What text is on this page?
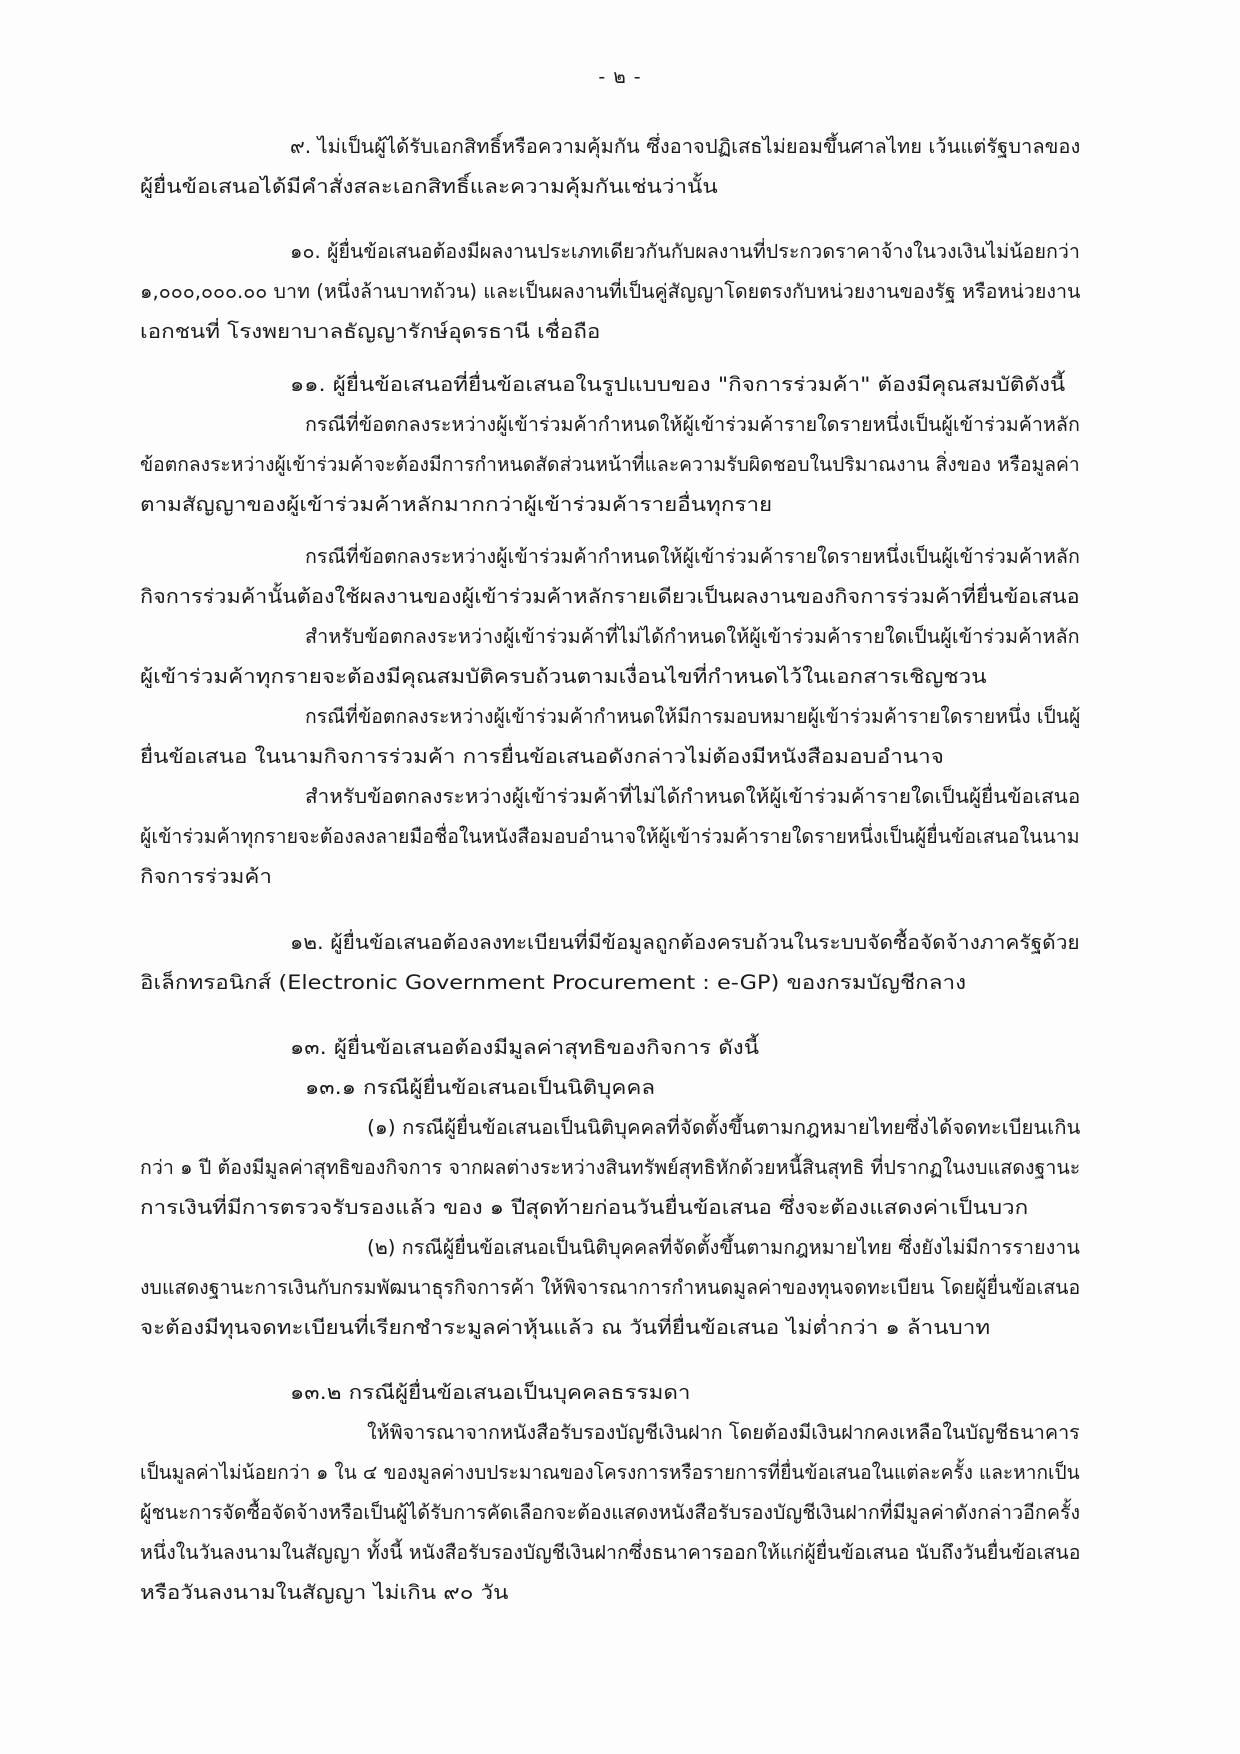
- ๒ -
๙. ไม่เป็นผู้ได้รับเอกสิทธิ์หรือความคุ้มกัน ซึ่งอาจปฏิเสธไม่ยอมขึ้นศาลไทย เว้นแต่รัฐบาลของ
ผู้ยื่นข้อเสนอได้มีคำสั่งสละเอกสิทธิ์และความคุ้มกันเช่นว่านั้น
๑๐. ผู้ยื่นข้อเสนอต้องมีผลงานประเภทเดียวกันกับผลงานที่ประกวดราคาจ้างในวงเงินไม่น้อยกว่า
๑,๐๐๐,๐๐๐.๐๐ บาท (หนึ่งล้านบาทถ้วน) และเป็นผลงานที่เป็นคู่สัญญาโดยตรงกับหน่วยงานของรัฐ หรือหน่วยงาน
เอกชนที่ โรงพยาบาลธัญญารักษ์อุดรธานี เชื่อถือ
๑๑. ผู้ยื่นข้อเสนอที่ยื่นข้อเสนอในรูปแบบของ "กิจการร่วมค้า" ต้องมีคุณสมบัติดังนี้
กรณีที่ข้อตกลงระหว่างผู้เข้าร่วมค้ากำหนดให้ผู้เข้าร่วมค้ารายใดรายหนึ่งเป็นผู้เข้าร่วมค้าหลัก
ข้อตกลงระหว่างผู้เข้าร่วมค้าจะต้องมีการกำหนดสัดส่วนหน้าที่และความรับผิดชอบในปริมาณงาน สิ่งของ หรือมูลค่า
ตามสัญญาของผู้เข้าร่วมค้าหลักมากกว่าผู้เข้าร่วมค้ารายอื่นทุกราย
กรณีที่ข้อตกลงระหว่างผู้เข้าร่วมค้ากำหนดให้ผู้เข้าร่วมค้ารายใดรายหนึ่งเป็นผู้เข้าร่วมค้าหลัก
กิจการร่วมค้านั้นต้องใช้ผลงานของผู้เข้าร่วมค้าหลักรายเดียวเป็นผลงานของกิจการร่วมค้าที่ยื่นข้อเสนอ
สำหรับข้อตกลงระหว่างผู้เข้าร่วมค้าที่ไม่ได้กำหนดให้ผู้เข้าร่วมค้ารายใดเป็นผู้เข้าร่วมค้าหลัก
ผู้เข้าร่วมค้าทุกรายจะต้องมีคุณสมบัติครบถ้วนตามเงื่อนไขที่กำหนดไว้ในเอกสารเชิญชวน
กรณีที่ข้อตกลงระหว่างผู้เข้าร่วมค้ากำหนดให้มีการมอบหมายผู้เข้าร่วมค้ารายใดรายหนึ่ง เป็นผู้
ยื่นข้อเสนอ ในนามกิจการร่วมค้า การยื่นข้อเสนอดังกล่าวไม่ต้องมีหนังสือมอบอำนาจ
สำหรับข้อตกลงระหว่างผู้เข้าร่วมค้าที่ไม่ได้กำหนดให้ผู้เข้าร่วมค้ารายใดเป็นผู้ยื่นข้อเสนอ
ผู้เข้าร่วมค้าทุกรายจะต้องลงลายมือชื่อในหนังสือมอบอำนาจให้ผู้เข้าร่วมค้ารายใดรายหนึ่งเป็นผู้ยื่นข้อเสนอในนาม
กิจการร่วมค้า
๑๒. ผู้ยื่นข้อเสนอต้องลงทะเบียนที่มีข้อมูลถูกต้องครบถ้วนในระบบจัดซื้อจัดจ้างภาครัฐด้วย
อิเล็กทรอนิกส์ (Electronic Government Procurement : e-GP) ของกรมบัญชีกลาง
๑๓. ผู้ยื่นข้อเสนอต้องมีมูลค่าสุทธิของกิจการ ดังนี้
๑๓.๑ กรณีผู้ยื่นข้อเสนอเป็นนิติบุคคล
(๑) กรณีผู้ยื่นข้อเสนอเป็นนิติบุคคลที่จัดตั้งขึ้นตามกฎหมายไทยซึ่งได้จดทะเบียนเกิน
กว่า ๑ ปี ต้องมีมูลค่าสุทธิของกิจการ จากผลต่างระหว่างสินทรัพย์สุทธิหักด้วยหนี้สินสุทธิ ที่ปรากฏในงบแสดงฐานะ
การเงินที่มีการตรวจรับรองแล้ว ของ ๑ ปีสุดท้ายก่อนวันยื่นข้อเสนอ ซึ่งจะต้องแสดงค่าเป็นบวก
(๒) กรณีผู้ยื่นข้อเสนอเป็นนิติบุคคลที่จัดตั้งขึ้นตามกฎหมายไทย ซึ่งยังไม่มีการรายงาน
งบแสดงฐานะการเงินกับกรมพัฒนาธุรกิจการค้า ให้พิจารณาการกำหนดมูลค่าของทุนจดทะเบียน โดยผู้ยื่นข้อเสนอ
จะต้องมีทุนจดทะเบียนที่เรียกชำระมูลค่าหุ้นแล้ว ณ วันที่ยื่นข้อเสนอ ไม่ต่ำกว่า ๑ ล้านบาท
๑๓.๒ กรณีผู้ยื่นข้อเสนอเป็นบุคคลธรรมดา
ให้พิจารณาจากหนังสือรับรองบัญชีเงินฝาก โดยต้องมีเงินฝากคงเหลือในบัญชีธนาคาร
เป็นมูลค่าไม่น้อยกว่า ๑ ใน ๔ ของมูลค่างบประมาณของโครงการหรือรายการที่ยื่นข้อเสนอในแต่ละครั้ง และหากเป็น
ผู้ชนะการจัดซื้อจัดจ้างหรือเป็นผู้ได้รับการคัดเลือกจะต้องแสดงหนังสือรับรองบัญชีเงินฝากที่มีมูลค่าดังกล่าวอีกครั้ง
หนึ่งในวันลงนามในสัญญา ทั้งนี้ หนังสือรับรองบัญชีเงินฝากซึ่งธนาคารออกให้แก่ผู้ยื่นข้อเสนอ นับถึงวันยื่นข้อเสนอ
หรือวันลงนามในสัญญา ไม่เกิน ๙๐ วัน
